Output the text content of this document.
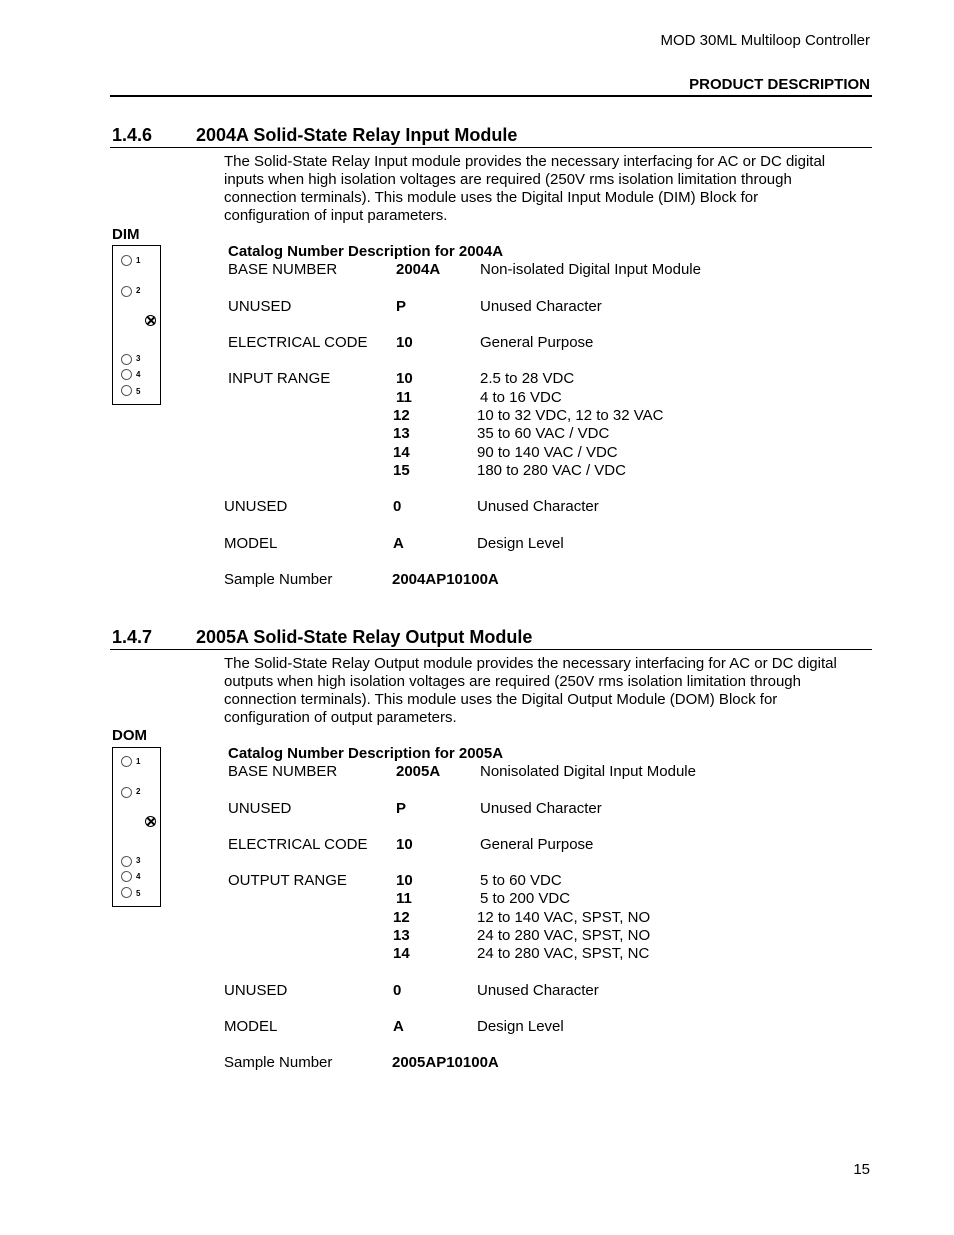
MOD 30ML Multiloop Controller
PRODUCT DESCRIPTION
1.4.6 2004A Solid-State Relay Input Module

The Solid-State Relay Input module provides the necessary interfacing for AC or DC digital

inputs when high isolation voltages are required (250V rms isolation limitation through

connection terminals). This module uses the Digital Input Module (DIM) Block for

configuration of input parameters.

DIM
1
2
3
4
5
Catalog Number Description for 2004A
BASE NUMBER	2004A	Non-isolated Digital Input Module
UNUSED	P	Unused Character
ELECTRICAL CODE 10	General Purpose
INPUT RANGE	10	2.5 to 28 VDC
11	4 to 16 VDC
12	10 to 32 VDC, 12 to 32 VAC
13	35 to 60 VAC / VDC
14	90 to 140 VAC / VDC
15	180 to 280 VAC / VDC
UNUSED	0	Unused Character
MODEL	A	Design Level
Sample Number	2004AP10100A
1.4.7 2005A Solid-State Relay Output Module

The Solid-State Relay Output module provides the necessary interfacing for AC or DC digital

outputs when high isolation voltages are required (250V rms isolation limitation through

connection terminals). This module uses the Digital Output Module (DOM) Block for

configuration of output parameters.

DOM
1
2
3
4
5
Catalog Number Description for 2005A
BASE NUMBER	2005A	Nonisolated Digital Input Module
UNUSED	P	Unused Character
ELECTRICAL CODE 10	General Purpose
OUTPUT RANGE	10	5 to 60 VDC
11	5 to 200 VDC
12	12 to 140 VAC, SPST, NO
13	24 to 280 VAC, SPST, NO
14	24 to 280 VAC, SPST, NC
UNUSED	0	Unused Character
MODEL	A	Design Level
Sample Number	2005AP10100A
15
